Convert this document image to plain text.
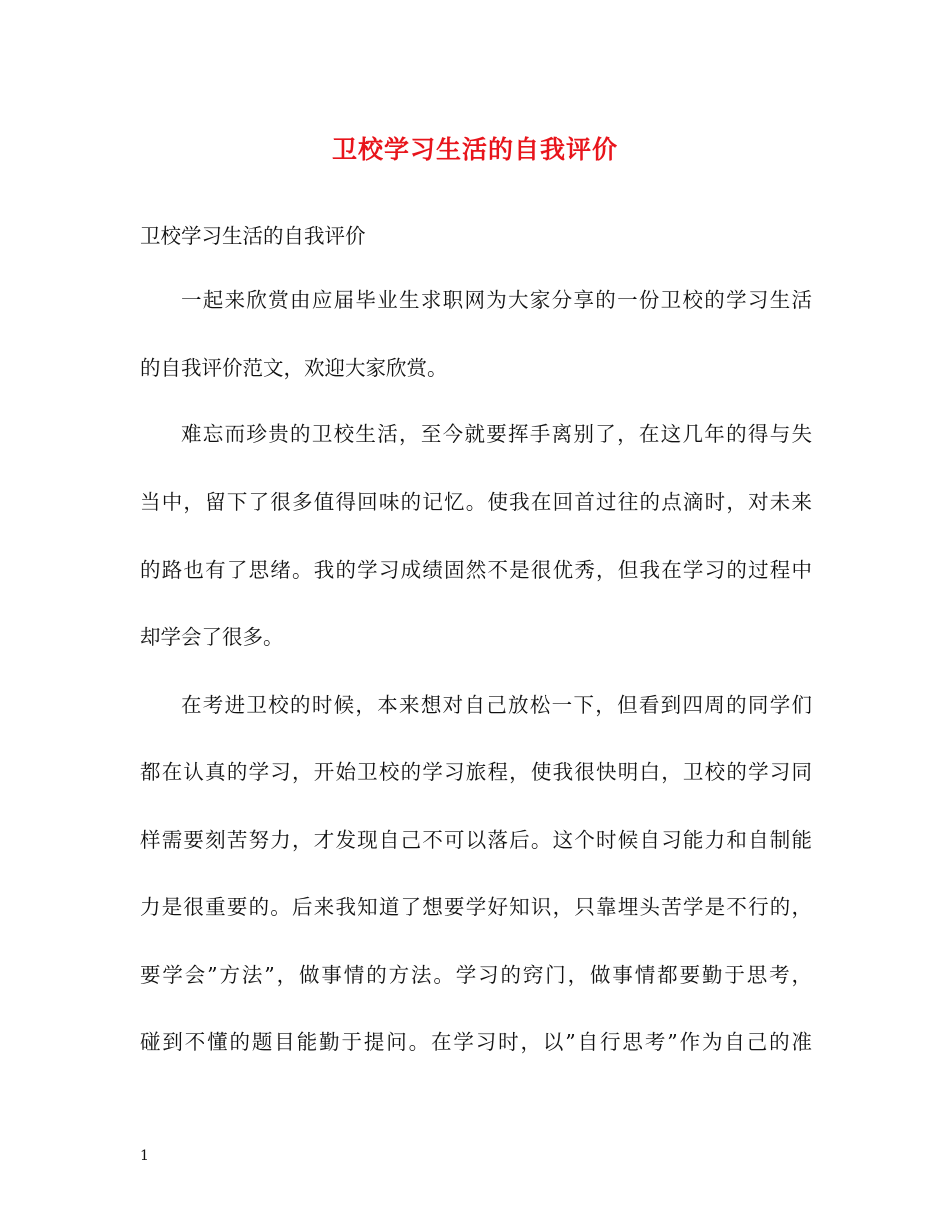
卫校学习生活的自我评价
卫校学习生活的自我评价
一起来欣赏由应届毕业生求职网为大家分享的一份卫校的学习生活
的自我评价范文，欢迎大家欣赏。
难忘而珍贵的卫校生活，至今就要挥手离别了，在这几年的得与失
当中，留下了很多值得回味的记忆。使我在回首过往的点滴时，对未来
的路也有了思绪。我的学习成绩固然不是很优秀，但我在学习的过程中
却学会了很多。
在考进卫校的时候，本来想对自己放松一下，但看到四周的同学们
都在认真的学习，开始卫校的学习旅程，使我很快明白，卫校的学习同
样需要刻苦努力，才发现自己不可以落后。这个时候自习能力和自制能
力是很重要的。后来我知道了想要学好知识，只靠埋头苦学是不行的，
要学会”方法”，做事情的方法。学习的窍门，做事情都要勤于思考，
碰到不懂的题目能勤于提问。在学习时，以”自行思考”作为自己的准
1
